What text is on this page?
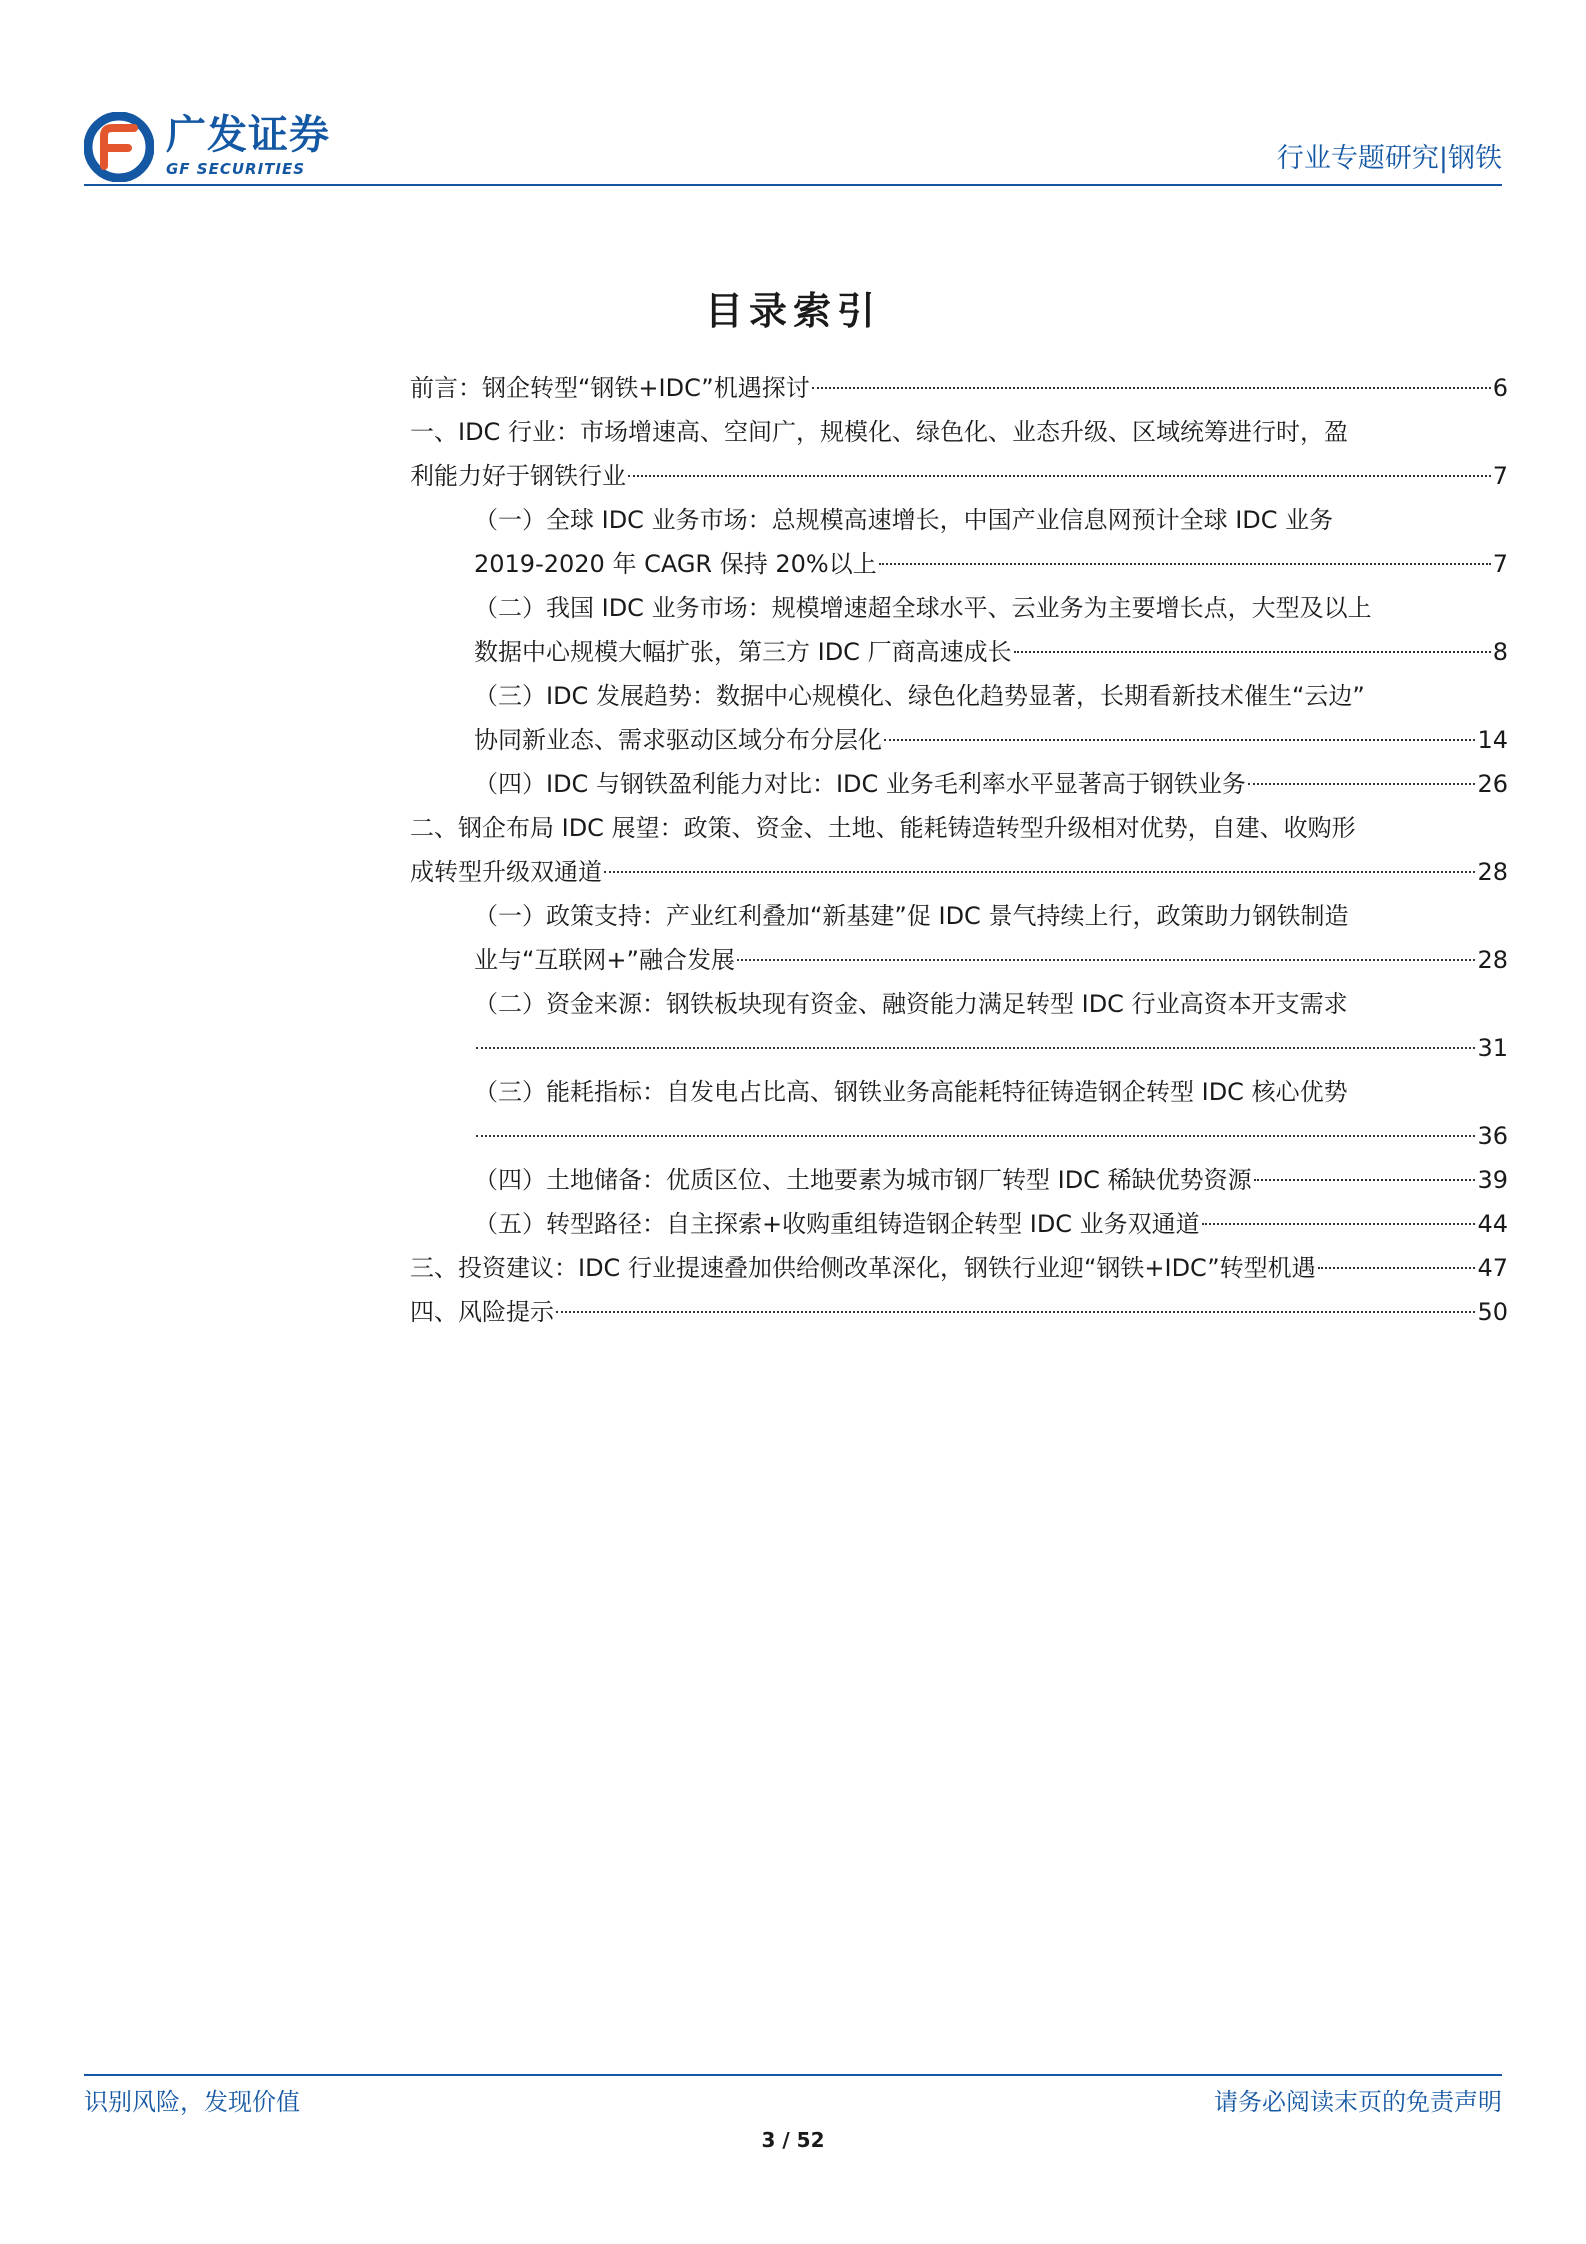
广发证券
GF SECURITIES	行业专题研究|钢铁
目录索引
前言：钢企转型“钢铁+IDC”机遇探讨	6
一、IDC 行业：市场增速高、空间广，规模化、绿色化、业态升级、区域统筹进行时，盈
利能力好于钢铁行业	7
（一）全球 IDC 业务市场：总规模高速增长，中国产业信息网预计全球 IDC 业务
2019-2020 年 CAGR 保持 20%以上	7
（二）我国 IDC 业务市场：规模增速超全球水平、云业务为主要增长点，大型及以上
数据中心规模大幅扩张，第三方 IDC 厂商高速成长	8
（三）IDC 发展趋势：数据中心规模化、绿色化趋势显著，长期看新技术催生“云边”
协同新业态、需求驱动区域分布分层化	14
（四）IDC 与钢铁盈利能力对比：IDC 业务毛利率水平显著高于钢铁业务	26
二、钢企布局 IDC 展望：政策、资金、土地、能耗铸造转型升级相对优势，自建、收购形
成转型升级双通道	28
（一）政策支持：产业红利叠加“新基建”促 IDC 景气持续上行，政策助力钢铁制造
业与“互联网+”融合发展	28
（二）资金来源：钢铁板块现有资金、融资能力满足转型 IDC 行业高资本开支需求
31
（三）能耗指标：自发电占比高、钢铁业务高能耗特征铸造钢企转型 IDC 核心优势
36
（四）土地储备：优质区位、土地要素为城市钢厂转型 IDC 稀缺优势资源	39
（五）转型路径：自主探索+收购重组铸造钢企转型 IDC 业务双通道	44
三、投资建议：IDC 行业提速叠加供给侧改革深化，钢铁行业迎“钢铁+IDC”转型机遇	47
四、风险提示	50
识别风险，发现价值	请务必阅读末页的免责声明
3 / 52
